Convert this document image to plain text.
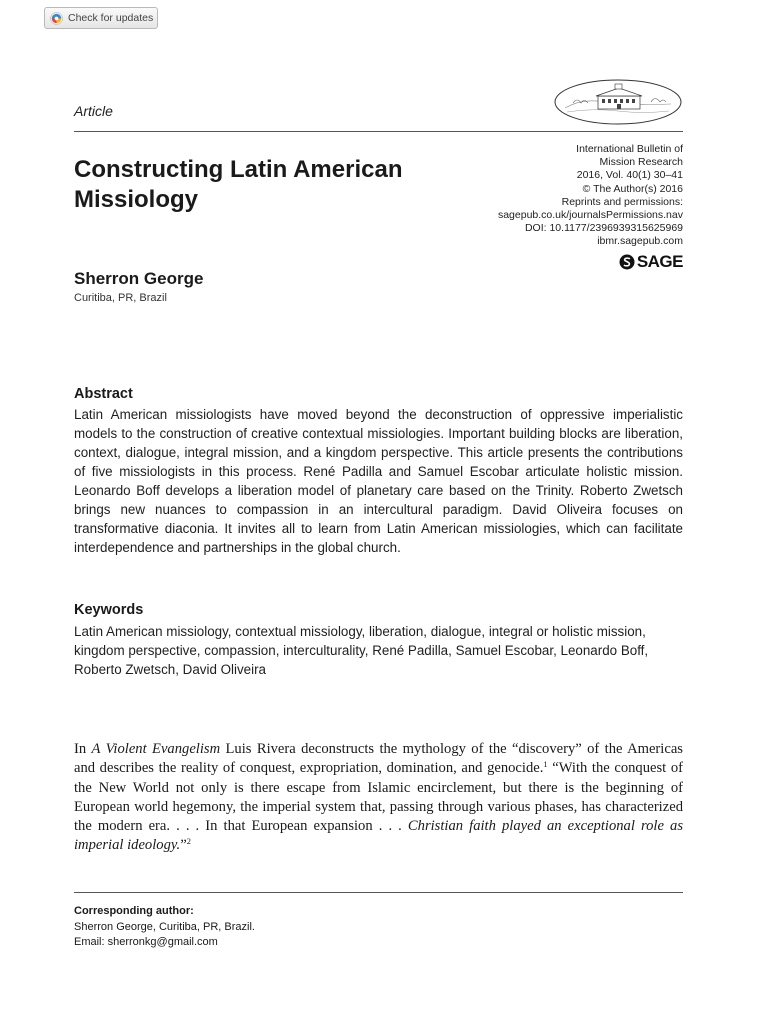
Check for updates
Article
International Bulletin of
Mission Research
2016, Vol. 40(1) 30–41
© The Author(s) 2016
Reprints and permissions:
sagepub.co.uk/journalsPermissions.nav
DOI: 10.1177/2396939315625969
ibmr.sagepub.com
SAGE
Constructing Latin American Missiology
Sherron George
Curitiba, PR, Brazil
Abstract

Latin American missiologists have moved beyond the deconstruction of oppressive imperialistic models to the construction of creative contextual missiologies. Important building blocks are liberation, context, dialogue, integral mission, and a kingdom perspective. This article presents the contributions of five missiologists in this process. René Padilla and Samuel Escobar articulate holistic mission. Leonardo Boff develops a liberation model of planetary care based on the Trinity. Roberto Zwetsch brings new nuances to compassion in an intercultural paradigm. David Oliveira focuses on transformative diaconia. It invites all to learn from Latin American missiologies, which can facilitate interdependence and partnerships in the global church.

Keywords

Latin American missiology, contextual missiology, liberation, dialogue, integral or holistic mission, kingdom perspective, compassion, interculturality, René Padilla, Samuel Escobar, Leonardo Boff, Roberto Zwetsch, David Oliveira

In A Violent Evangelism Luis Rivera deconstructs the mythology of the “discovery” of the Americas and describes the reality of conquest, expropriation, domination, and genocide.$^1$ “With the conquest of the New World not only is there escape from Islamic encirclement, but there is the beginning of European world hegemony, the imperial system that, passing through various phases, has characterized the modern era. . . . In that European expansion . . . Christian faith played an exceptional role as imperial ideology.”$^2$

Corresponding author:
Sherron George, Curitiba, PR, Brazil.
Email: sherronkg@gmail.com
